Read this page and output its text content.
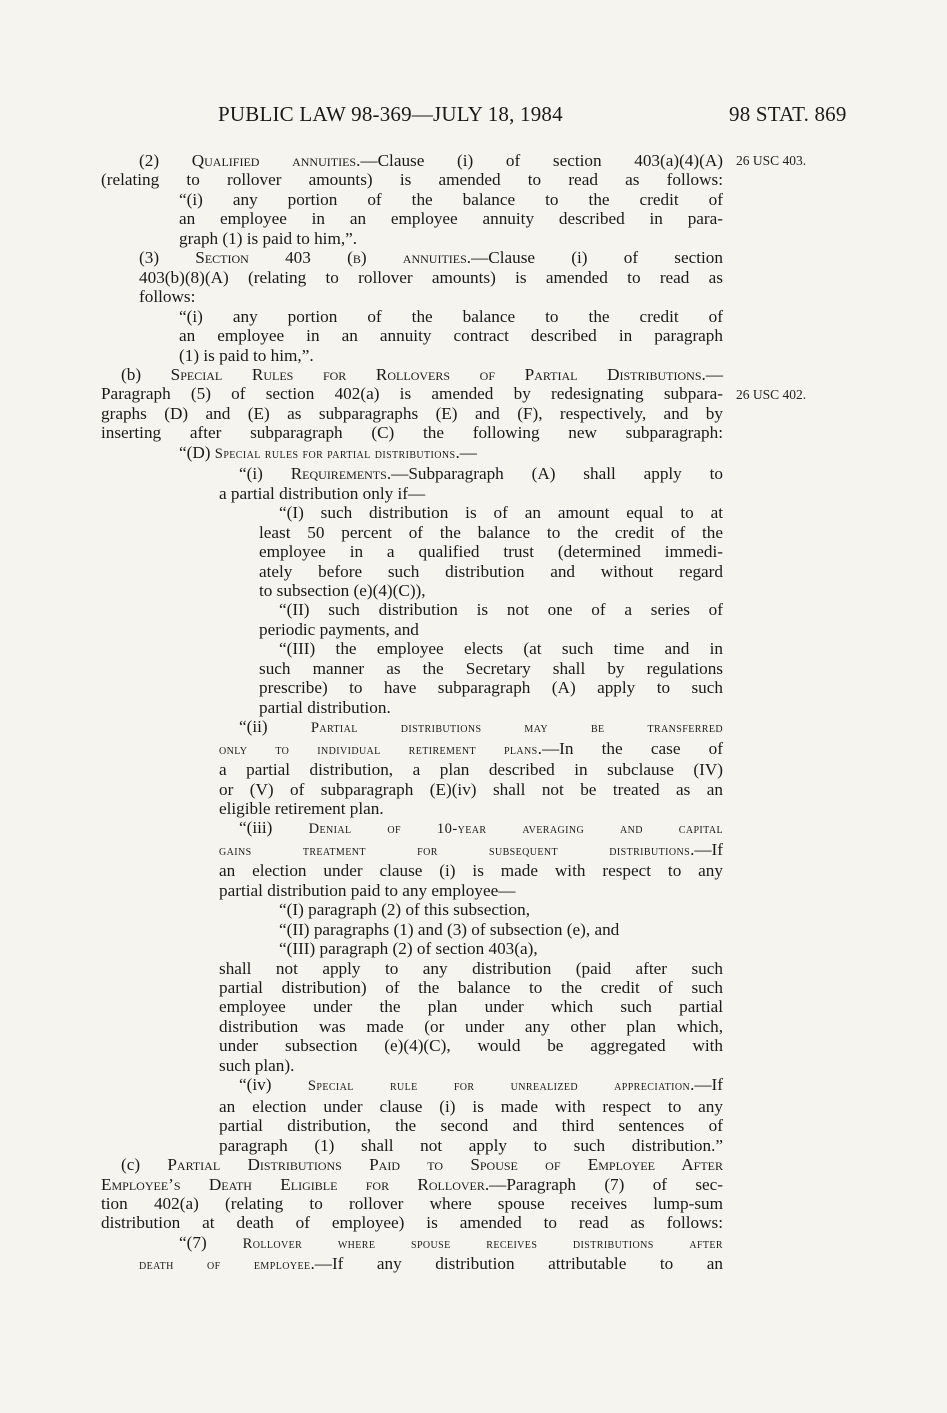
PUBLIC LAW 98-369—JULY 18, 1984	98 STAT. 869
26 USC 403.
26 USC 402.
(2) Qualified annuities.—Clause (i) of section 403(a)(4)(A)
(relating to rollover amounts) is amended to read as follows:
“(i) any portion of the balance to the credit of
an employee in an employee annuity described in para-
graph (1) is paid to him,”.
(3) Section 403 (b) annuities.—Clause (i) of section
403(b)(8)(A) (relating to rollover amounts) is amended to read as
follows:
“(i) any portion of the balance to the credit of
an employee in an annuity contract described in paragraph
(1) is paid to him,”.
(b) Special Rules for Rollovers of Partial Distributions.—
Paragraph (5) of section 402(a) is amended by redesignating subpara-
graphs (D) and (E) as subparagraphs (E) and (F), respectively, and by
inserting after subparagraph (C) the following new subparagraph:
“(D) Special rules for partial distributions.—
“(i) Requirements.—Subparagraph (A) shall apply to
a partial distribution only if—
“(I) such distribution is of an amount equal to at
least 50 percent of the balance to the credit of the
employee in a qualified trust (determined immedi-
ately before such distribution and without regard
to subsection (e)(4)(C)),
“(II) such distribution is not one of a series of
periodic payments, and
“(III) the employee elects (at such time and in
such manner as the Secretary shall by regulations
prescribe) to have subparagraph (A) apply to such
partial distribution.
“(ii) Partial distributions may be transferred
only to individual retirement plans.—In the case of
a partial distribution, a plan described in subclause (IV)
or (V) of subparagraph (E)(iv) shall not be treated as an
eligible retirement plan.
“(iii) Denial of 10-year averaging and capital
gains treatment for subsequent distributions.—If
an election under clause (i) is made with respect to any
partial distribution paid to any employee—
“(I) paragraph (2) of this subsection,
“(II) paragraphs (1) and (3) of subsection (e), and
“(III) paragraph (2) of section 403(a),
shall not apply to any distribution (paid after such
partial distribution) of the balance to the credit of such
employee under the plan under which such partial
distribution was made (or under any other plan which,
under subsection (e)(4)(C), would be aggregated with
such plan).
“(iv) Special rule for unrealized appreciation.—If
an election under clause (i) is made with respect to any
partial distribution, the second and third sentences of
paragraph (1) shall not apply to such distribution.”
(c) Partial Distributions Paid to Spouse of Employee After
Employee’s Death Eligible for Rollover.—Paragraph (7) of sec-
tion 402(a) (relating to rollover where spouse receives lump-sum
distribution at death of employee) is amended to read as follows:
“(7) Rollover where spouse receives distributions after
death of employee.—If any distribution attributable to an
